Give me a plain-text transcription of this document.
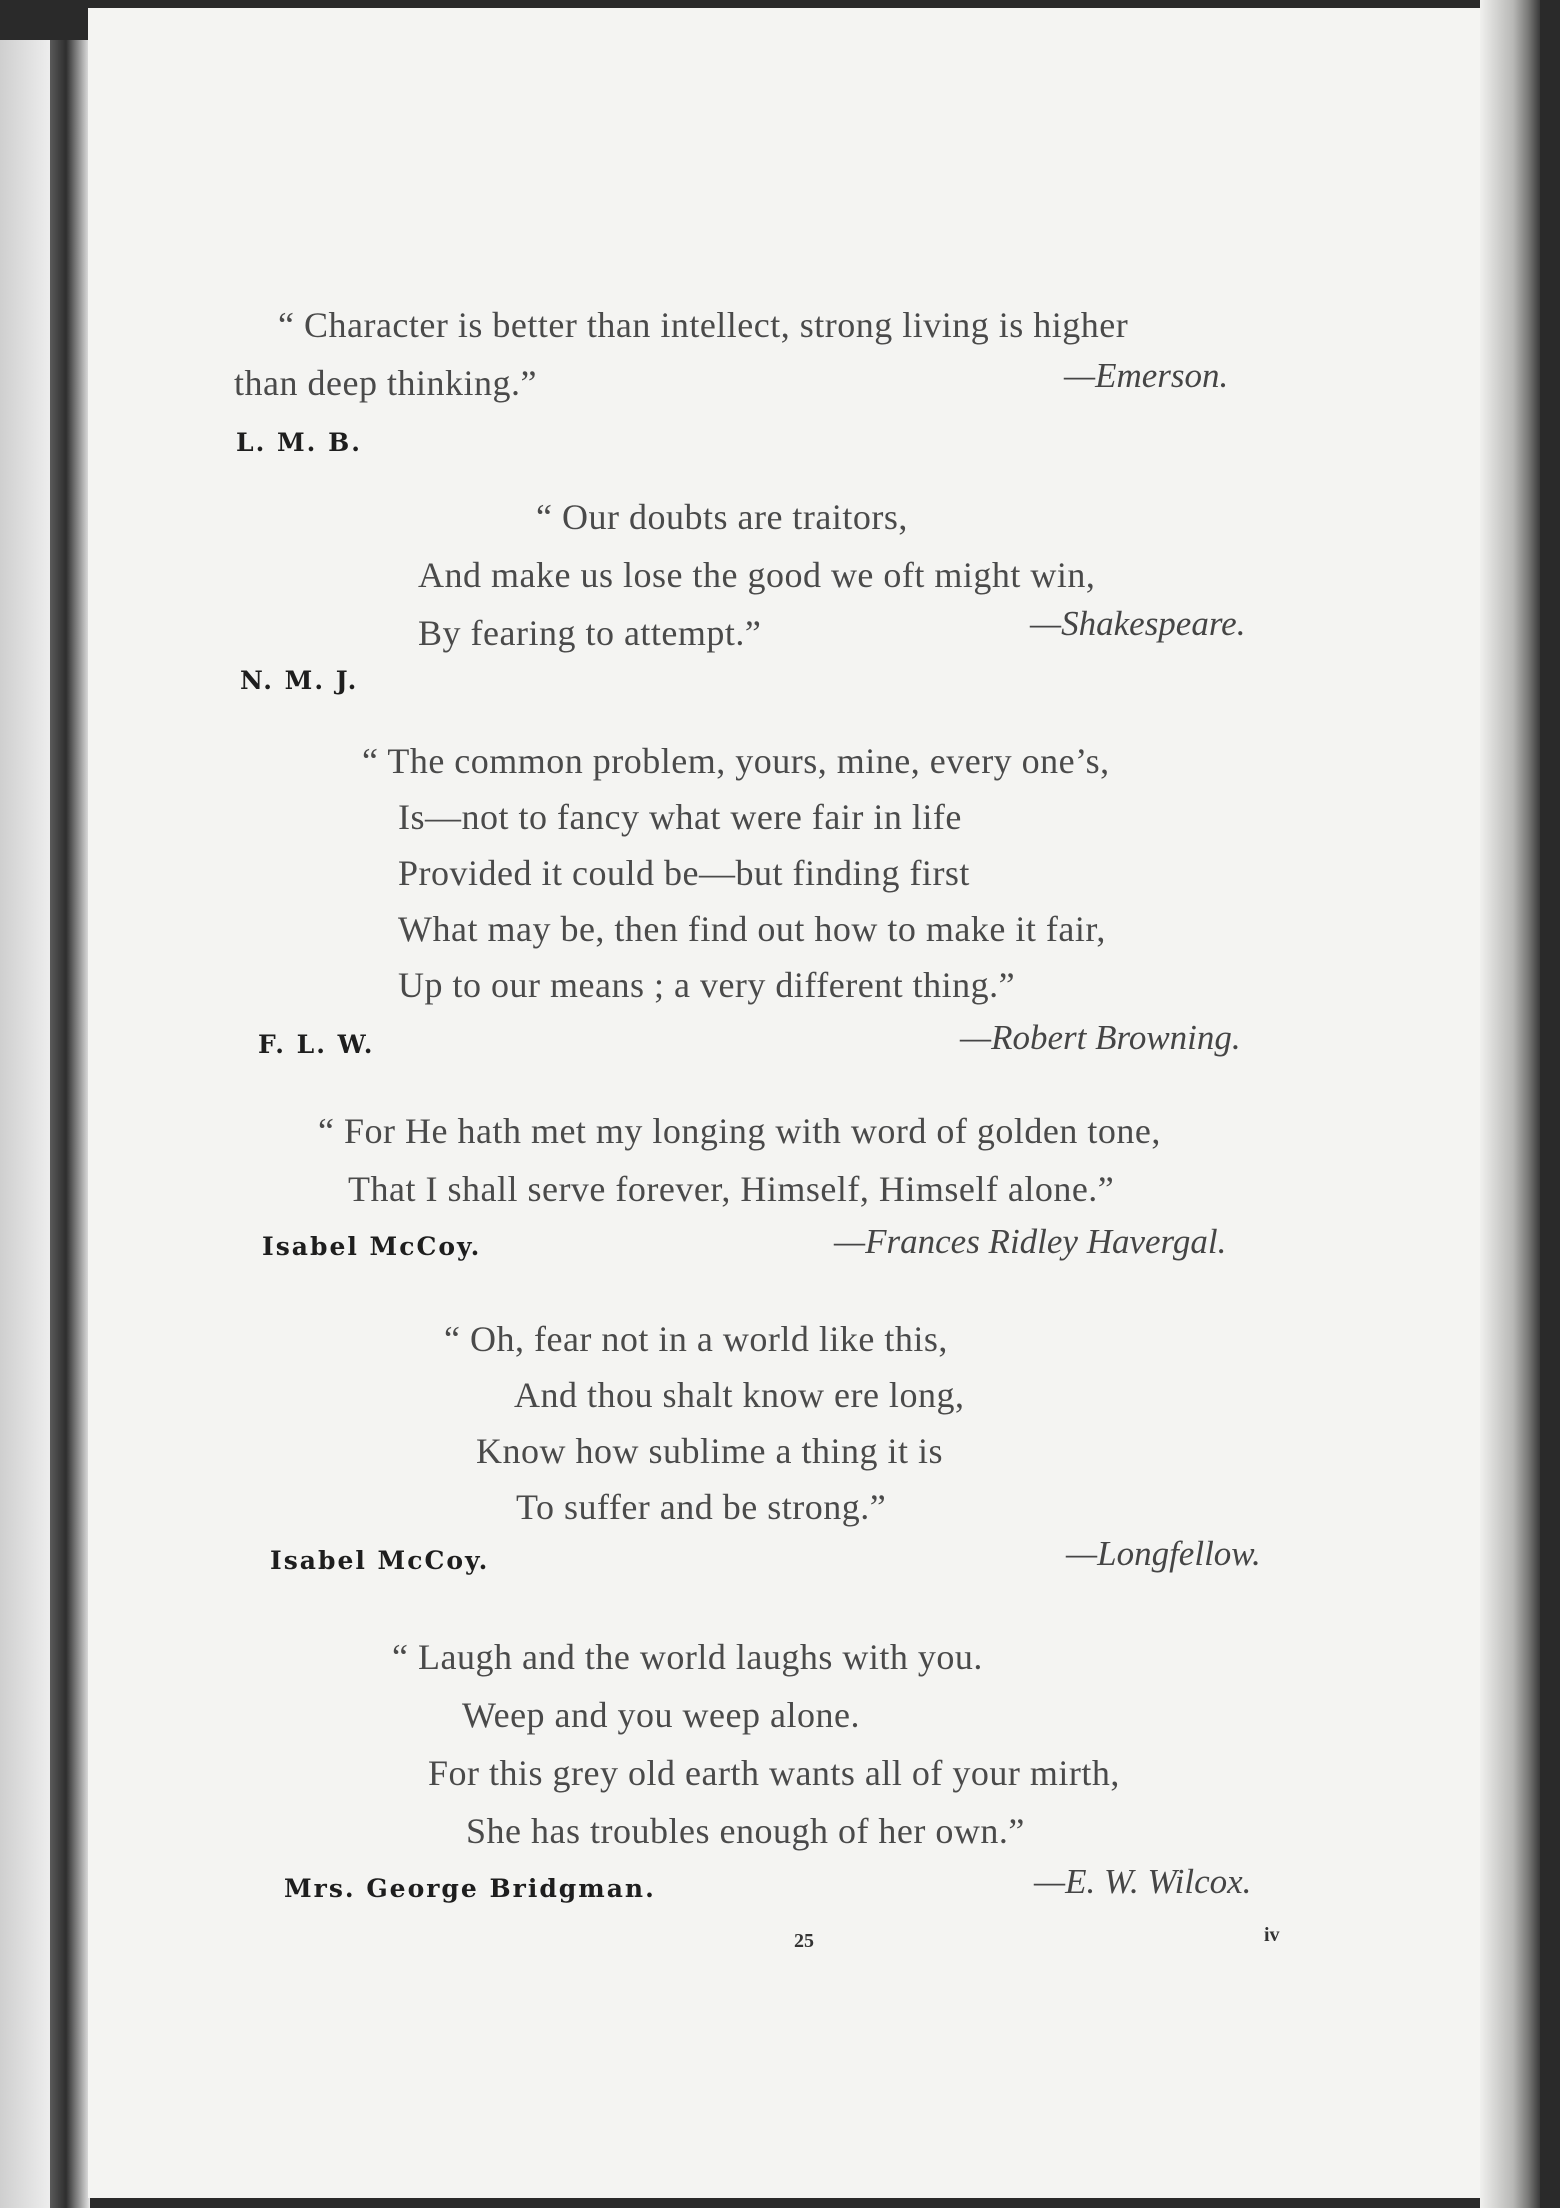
“ Character is better than intellect, strong living is higher
than deep thinking.”	—Emerson.
L. M. B.
“ Our doubts are traitors,
And make us lose the good we oft might win,
By fearing to attempt.”	—Shakespeare.
N. M. J.
“ The common problem, yours, mine, every one’s,
Is—not to fancy what were fair in life
Provided it could be—but finding first
What may be, then find out how to make it fair,
Up to our means ; a very different thing.”
—Robert Browning.
F. L. W.
“ For He hath met my longing with word of golden tone,
That I shall serve forever, Himself, Himself alone.”
—Frances Ridley Havergal.
Isabel McCoy.
“ Oh, fear not in a world like this,
And thou shalt know ere long,
Know how sublime a thing it is
To suffer and be strong.”
—Longfellow.
Isabel McCoy.
“ Laugh and the world laughs with you.
Weep and you weep alone.
For this grey old earth wants all of your mirth,
She has troubles enough of her own.”
—E. W. Wilcox.
Mrs. George Bridgman.
25	iv
